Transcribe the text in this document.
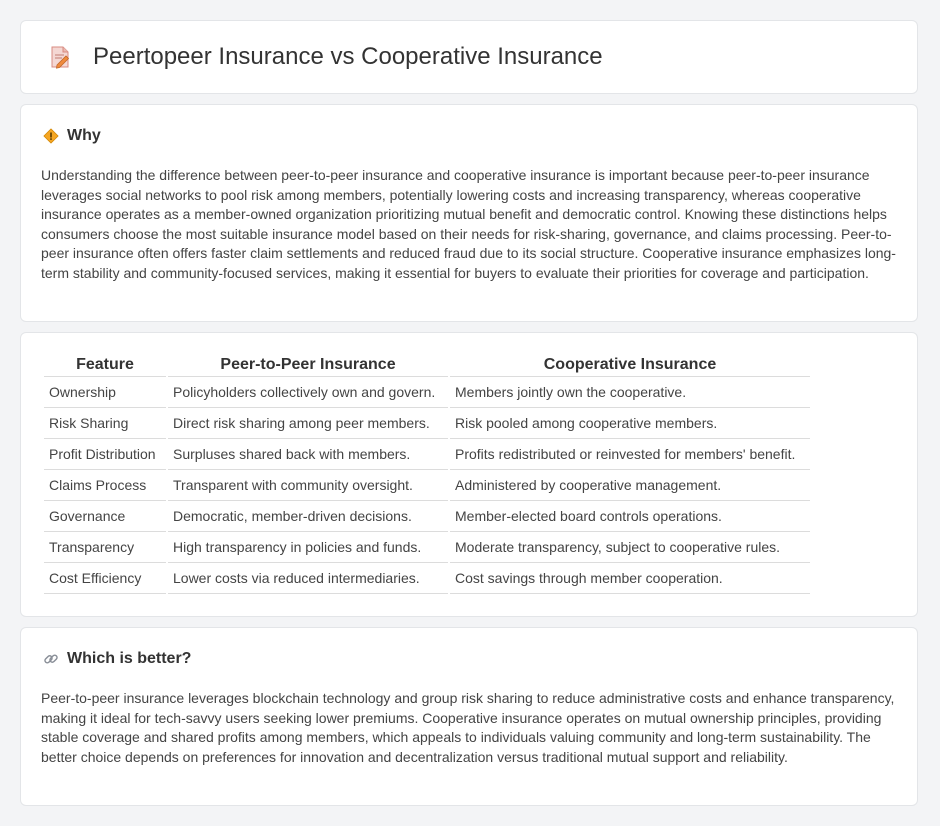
Peertopeer Insurance vs Cooperative Insurance
Why
Understanding the difference between peer-to-peer insurance and cooperative insurance is important because peer-to-peer insurance leverages social networks to pool risk among members, potentially lowering costs and increasing transparency, whereas cooperative insurance operates as a member-owned organization prioritizing mutual benefit and democratic control. Knowing these distinctions helps consumers choose the most suitable insurance model based on their needs for risk-sharing, governance, and claims processing. Peer-to-peer insurance often offers faster claim settlements and reduced fraud due to its social structure. Cooperative insurance emphasizes long-term stability and community-focused services, making it essential for buyers to evaluate their priorities for coverage and participation.
Feature	Peer-to-Peer Insurance	Cooperative Insurance
Ownership	Policyholders collectively own and govern.	Members jointly own the cooperative.
Risk Sharing	Direct risk sharing among peer members.	Risk pooled among cooperative members.
Profit Distribution	Surpluses shared back with members.	Profits redistributed or reinvested for members' benefit.
Claims Process	Transparent with community oversight.	Administered by cooperative management.
Governance	Democratic, member-driven decisions.	Member-elected board controls operations.
Transparency	High transparency in policies and funds.	Moderate transparency, subject to cooperative rules.
Cost Efficiency	Lower costs via reduced intermediaries.	Cost savings through member cooperation.
Which is better?
Peer-to-peer insurance leverages blockchain technology and group risk sharing to reduce administrative costs and enhance transparency, making it ideal for tech-savvy users seeking lower premiums. Cooperative insurance operates on mutual ownership principles, providing stable coverage and shared profits among members, which appeals to individuals valuing community and long-term sustainability. The better choice depends on preferences for innovation and decentralization versus traditional mutual support and reliability.
